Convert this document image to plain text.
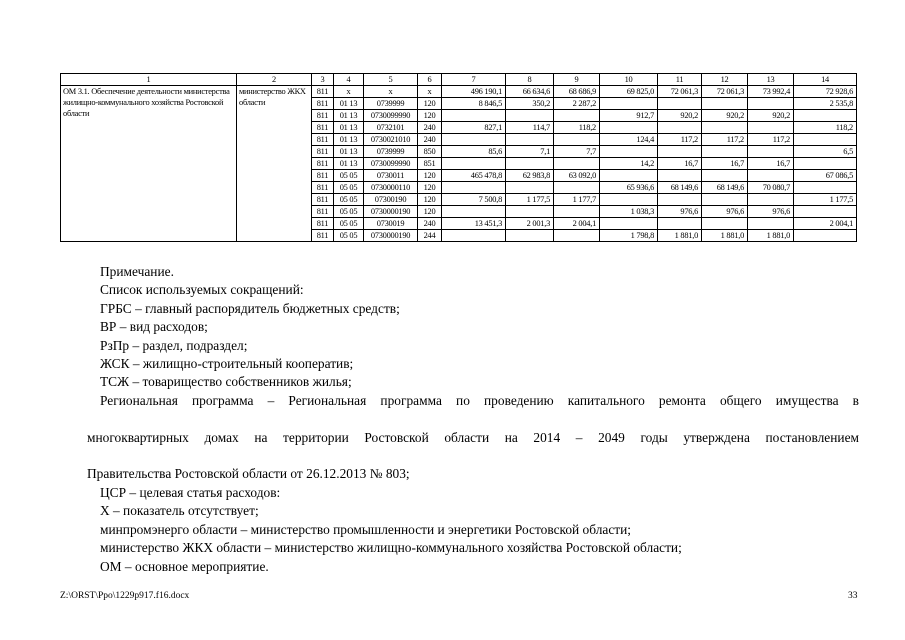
1	2	3	4	5	6	7	8	9	10	11	12	13	14
ОМ 3.1. Обеспечение деятельности министерства жилищно-коммунального хозяйства Ростовской области	министерство ЖКХ области	811	x	x	x	496 190,1	66 634,6	68 686,9	69 825,0	72 061,3	72 061,3	73 992,4	72 928,6
		811	01 13	0739999	120	8 846,5	350,2	2 287,2					2 535,8
		811	01 13	0730099990	120				912,7	920,2	920,2	920,2	
		811	01 13	0732101	240	827,1	114,7	118,2					118,2
		811	01 13	0730021010	240				124,4	117,2	117,2	117,2	
		811	01 13	0739999	850	85,6	7,1	7,7					6,5
		811	01 13	0730099990	851				14,2	16,7	16,7	16,7	
		811	05 05	0730011	120	465 478,8	62 983,8	63 092,0					67 086,5
		811	05 05	0730000110	120				65 936,6	68 149,6	68 149,6	70 080,7	
		811	05 05	07300190	120	7 500,8	1 177,5	1 177,7					1 177,5
		811	05 05	0730000190	120				1 038,3	976,6	976,6	976,6	
		811	05 05	0730019	240	13 451,3	2 001,3	2 004,1					2 004,1
		811	05 05	0730000190	244				1 798,8	1 881,0	1 881,0	1 881,0	

Примечание.

Список используемых сокращений:

ГРБС – главный распорядитель бюджетных средств;

ВР – вид расходов;

РзПр – раздел, подраздел;

ЖСК – жилищно-строительный кооператив;

ТСЖ – товарищество собственников жилья;

Региональная программа – Региональная программа по проведению капитального ремонта общего имущества в

многоквартирных домах на территории Ростовской области на 2014 – 2049 годы утверждена постановлением

Правительства Ростовской области от 26.12.2013 № 803;

ЦСР – целевая статья расходов:

Х – показатель отсутствует;

минпромэнерго области – министерство промышленности и энергетики Ростовской области;

министерство ЖКХ области – министерство жилищно-коммунального хозяйства Ростовской области;

ОМ – основное мероприятие.

Z:\ORST\Ppo\1229p917.f16.docx	33
